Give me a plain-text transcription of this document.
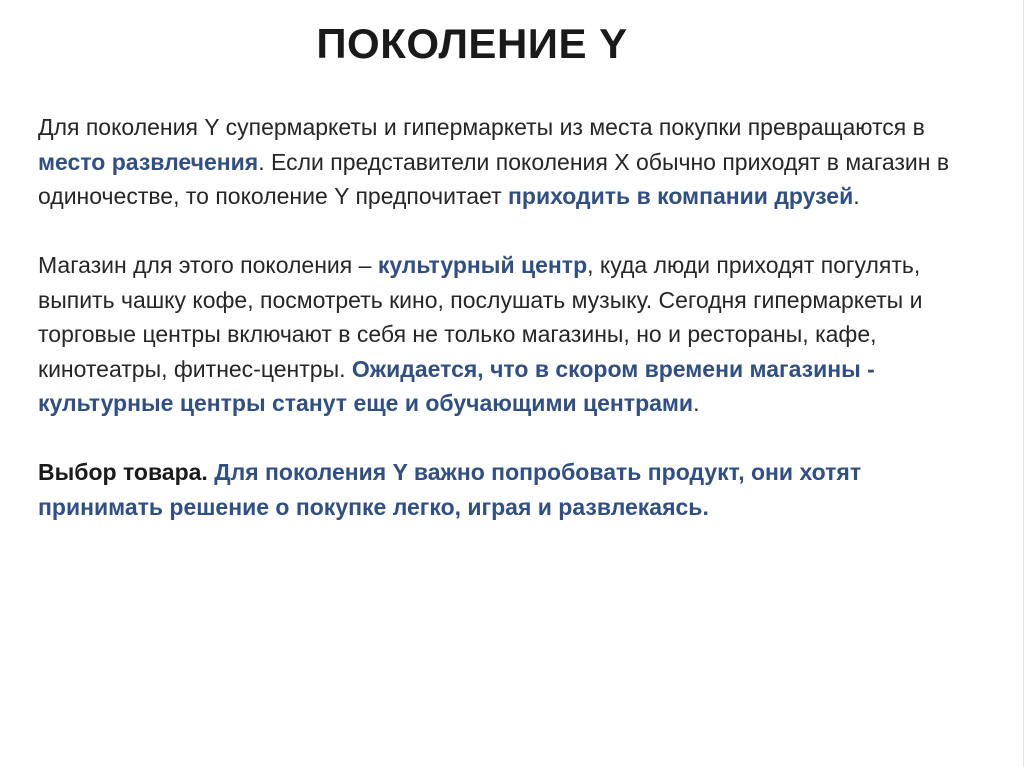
ПОКОЛЕНИЕ Y

Для поколения Y супермаркеты и гипермаркеты из места покупки превращаются в место развлечения. Если представители поколения X обычно приходят в магазин в одиночестве, то поколение Y предпочитает приходить в компании друзей.

Магазин для этого поколения – культурный центр, куда люди приходят погулять, выпить чашку кофе, посмотреть кино, послушать музыку. Сегодня гипермаркеты и торговые центры включают в себя не только магазины, но и рестораны, кафе, кинотеатры, фитнес-центры. Ожидается, что в скором времени магазины - культурные центры станут еще и обучающими центрами.

Выбор товара. Для поколения Y важно попробовать продукт, они хотят принимать решение о покупке легко, играя и развлекаясь.
